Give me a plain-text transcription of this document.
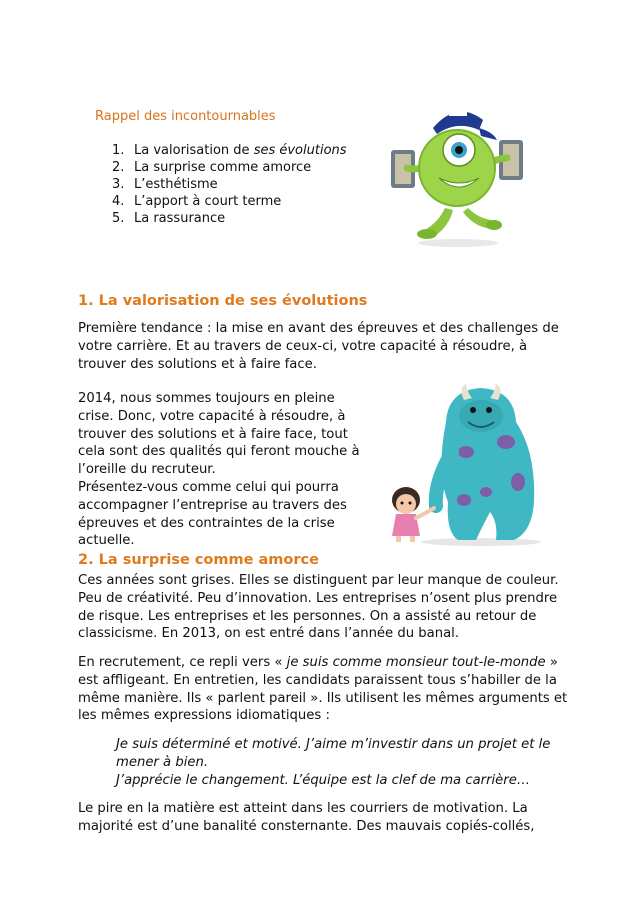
Rappel des incontournables
1. La valorisation de ses évolutions
2. La surprise comme amorce
3. L’esthétisme
4. L’apport à court terme
5. La rassurance
1. La valorisation de ses évolutions
Première tendance : la mise en avant des épreuves et des challenges de
votre carrière. Et au travers de ceux-ci, votre capacité à résoudre, à
trouver des solutions et à faire face.
2014, nous sommes toujours en pleine
crise. Donc, votre capacité à résoudre, à
trouver des solutions et à faire face, tout
cela sont des qualités qui feront mouche à
l’oreille du recruteur.
Présentez-vous comme celui qui pourra
accompagner l’entreprise au travers des
épreuves et des contraintes de la crise
actuelle.
2. La surprise comme amorce
Ces années sont grises. Elles se distinguent par leur manque de couleur.
Peu de créativité. Peu d’innovation. Les entreprises n’osent plus prendre
de risque. Les entreprises et les personnes. On a assisté au retour de
classicisme. En 2013, on est entré dans l’année du banal.
En recrutement, ce repli vers « je suis comme monsieur tout-le-monde »
est affligeant. En entretien, les candidats paraissent tous s’habiller de la
même manière. Ils « parlent pareil ». Ils utilisent les mêmes arguments et
les mêmes expressions idiomatiques :
Je suis déterminé et motivé. J’aime m’investir dans un projet et le
mener à bien.
J’apprécie le changement. L’équipe est la clef de ma carrière…
Le pire en la matière est atteint dans les courriers de motivation. La
majorité est d’une banalité consternante. Des mauvais copiés-collés,
